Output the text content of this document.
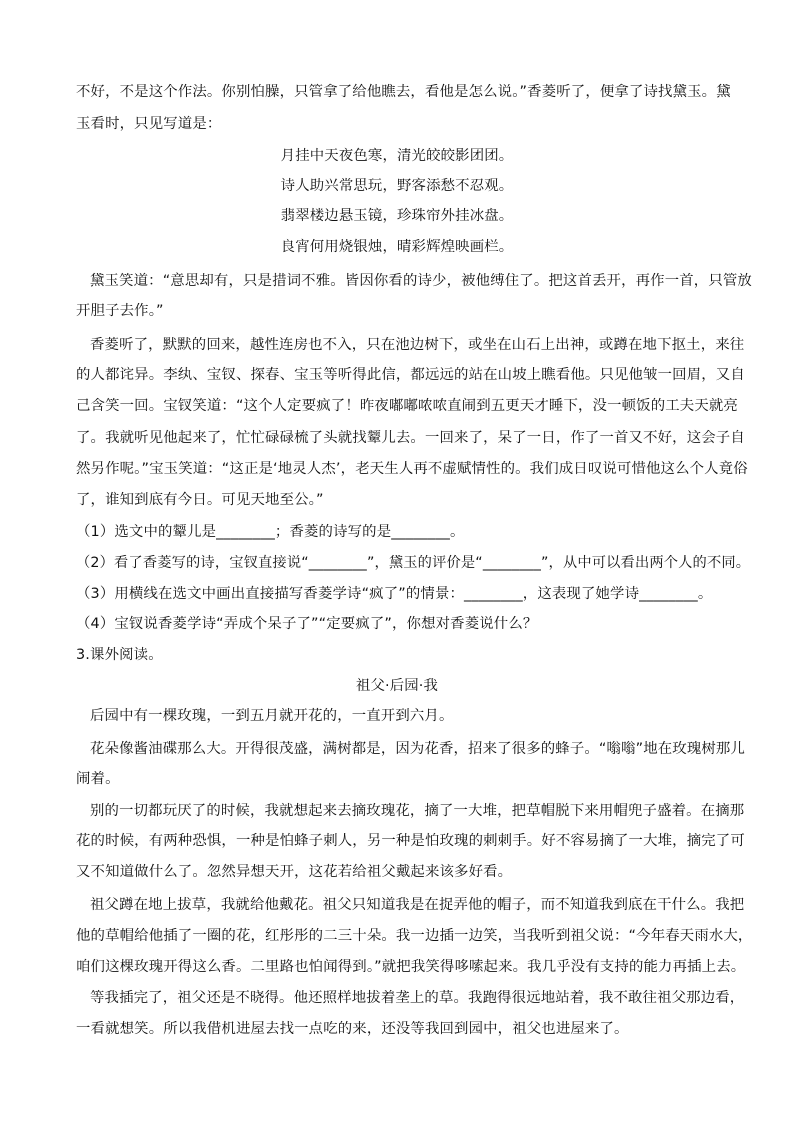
不好，不是这个作法。你别怕臊，只管拿了给他瞧去，看他是怎么说。”香菱听了，便拿了诗找黛玉。黛
玉看时，只见写道是：
月挂中天夜色寒，清光皎皎影团团。
诗人助兴常思玩，野客添愁不忍观。
翡翠楼边悬玉镜，珍珠帘外挂冰盘。
良宵何用烧银烛，晴彩辉煌映画栏。
黛玉笑道：“意思却有，只是措词不雅。皆因你看的诗少，被他缚住了。把这首丢开，再作一首，只管放
开胆子去作。”
香菱听了，默默的回来，越性连房也不入，只在池边树下，或坐在山石上出神，或蹲在地下抠土，来往
的人都诧异。李纨、宝钗、探春、宝玉等听得此信，都远远的站在山坡上瞧看他。只见他皱一回眉，又自
己含笑一回。宝钗笑道：“这个人定要疯了！昨夜嘟嘟哝哝直闹到五更天才睡下，没一顿饭的工夫天就亮
了。我就听见他起来了，忙忙碌碌梳了头就找颦儿去。一回来了，呆了一日，作了一首又不好，这会子自
然另作呢。”宝玉笑道：“这正是‘地灵人杰’，老天生人再不虚赋情性的。我们成日叹说可惜他这么个人竟俗
了，谁知到底有今日。可见天地至公。”
（1）选文中的颦儿是________；香菱的诗写的是________。
（2）看了香菱写的诗，宝钗直接说“________”，黛玉的评价是“________”，从中可以看出两个人的不同。
（3）用横线在选文中画出直接描写香菱学诗“疯了”的情景：________，这表现了她学诗________。
（4）宝钗说香菱学诗“弄成个呆子了”“定要疯了”，你想对香菱说什么？
3.课外阅读。
祖父·后园·我
后园中有一棵玫瑰，一到五月就开花的，一直开到六月。
花朵像酱油碟那么大。开得很茂盛，满树都是，因为花香，招来了很多的蜂子。“嗡嗡”地在玫瑰树那儿
闹着。
别的一切都玩厌了的时候，我就想起来去摘玫瑰花，摘了一大堆，把草帽脱下来用帽兜子盛着。在摘那
花的时候，有两种恐惧，一种是怕蜂子刺人，另一种是怕玫瑰的刺刺手。好不容易摘了一大堆，摘完了可
又不知道做什么了。忽然异想天开，这花若给祖父戴起来该多好看。
祖父蹲在地上拔草，我就给他戴花。祖父只知道我是在捉弄他的帽子，而不知道我到底在干什么。我把
他的草帽给他插了一圈的花，红彤彤的二三十朵。我一边插一边笑，当我听到祖父说：“今年春天雨水大，
咱们这棵玫瑰开得这么香。二里路也怕闻得到。”就把我笑得哆嗦起来。我几乎没有支持的能力再插上去。
等我插完了，祖父还是不晓得。他还照样地拔着垄上的草。我跑得很远地站着，我不敢往祖父那边看，
一看就想笑。所以我借机进屋去找一点吃的来，还没等我回到园中，祖父也进屋来了。
